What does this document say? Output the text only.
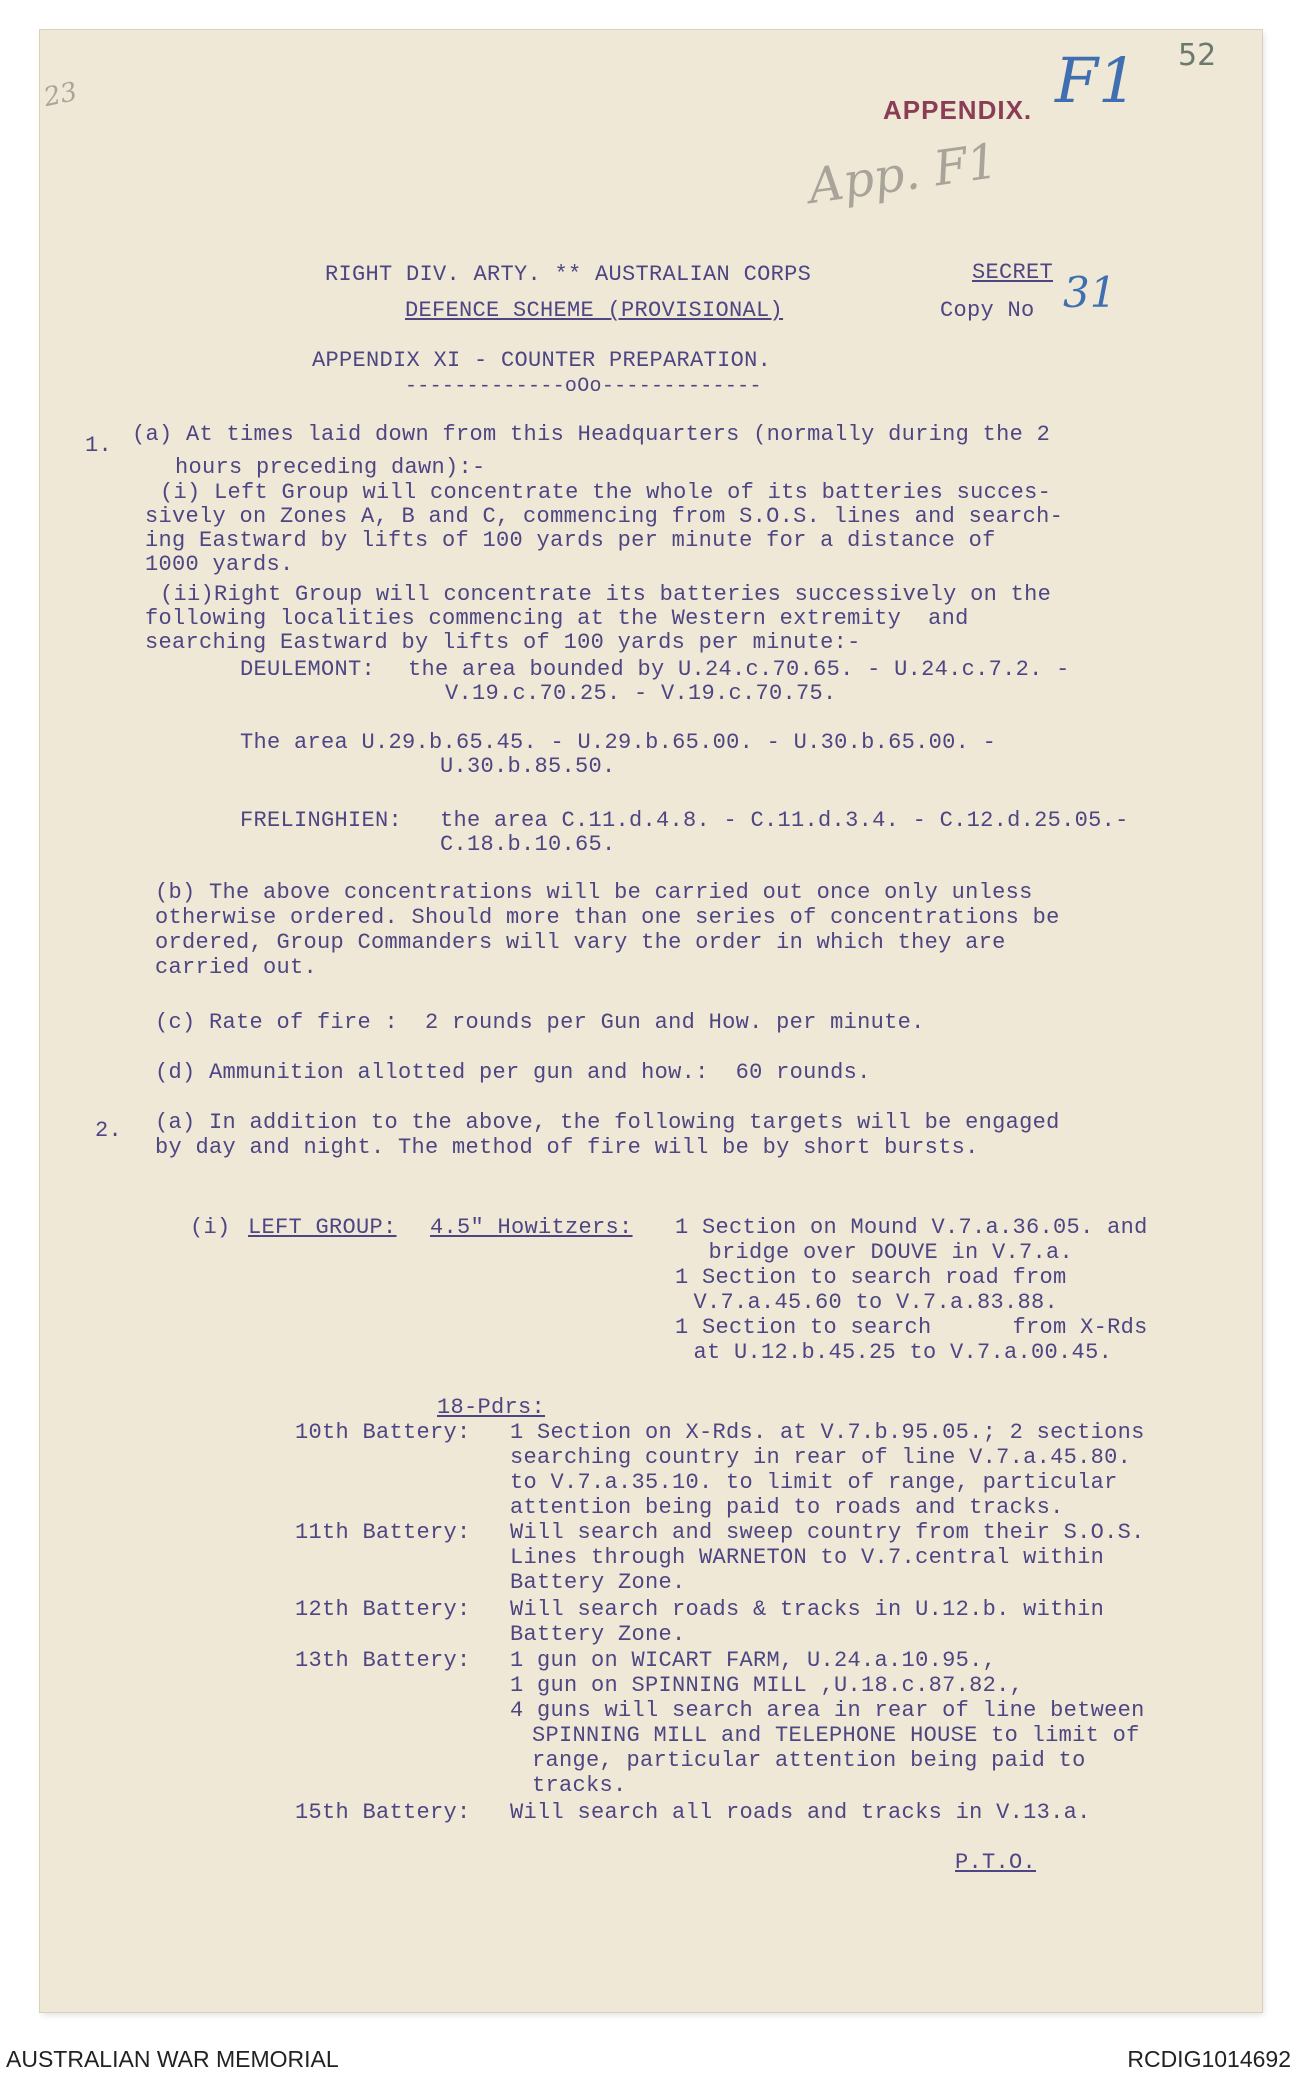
52
APPENDIX. F1
App. F1
23
RIGHT DIV. ARTY. ** AUSTRALIAN CORPS	SECRET
DEFENCE SCHEME (PROVISIONAL)	Copy No 31
APPENDIX XI - COUNTER PREPARATION.
-------------oOo-------------
1. (a) At times laid down from this Headquarters (normally during the 2
hours preceding dawn):-
(i) Left Group will concentrate the whole of its batteries succes-
sively on Zones A, B and C, commencing from S.O.S. lines and search-
ing Eastward by lifts of 100 yards per minute for a distance of
1000 yards.
(ii)Right Group will concentrate its batteries successively on the
following localities commencing at the Western extremity  and
searching Eastward by lifts of 100 yards per minute:-
DEULEMONT: the area bounded by U.24.c.70.65. - U.24.c.7.2. -
V.19.c.70.25. - V.19.c.70.75.
The area U.29.b.65.45. - U.29.b.65.00. - U.30.b.65.00. -
U.30.b.85.50.
FRELINGHIEN: the area C.11.d.4.8. - C.11.d.3.4. - C.12.d.25.05.-
C.18.b.10.65.
(b) The above concentrations will be carried out once only unless
otherwise ordered. Should more than one series of concentrations be
ordered, Group Commanders will vary the order in which they are
carried out.
(c) Rate of fire :  2 rounds per Gun and How. per minute.
(d) Ammunition allotted per gun and how.:  60 rounds.
2. (a) In addition to the above, the following targets will be engaged
by day and night. The method of fire will be by short bursts.
(i) LEFT GROUP: 4.5" Howitzers: 1 Section on Mound V.7.a.36.05. and
bridge over DOUVE in V.7.a.
1 Section to search road from
V.7.a.45.60 to V.7.a.83.88.
1 Section to search      from X-Rds
at U.12.b.45.25 to V.7.a.00.45.
18-Pdrs:
10th Battery: 1 Section on X-Rds. at V.7.b.95.05.; 2 sections
searching country in rear of line V.7.a.45.80.
to V.7.a.35.10. to limit of range, particular
attention being paid to roads and tracks.
11th Battery: Will search and sweep country from their S.O.S.
Lines through WARNETON to V.7.central within
Battery Zone.
12th Battery: Will search roads & tracks in U.12.b. within
Battery Zone.
13th Battery: 1 gun on WICART FARM, U.24.a.10.95.,
1 gun on SPINNING MILL ,U.18.c.87.82.,
4 guns will search area in rear of line between
SPINNING MILL and TELEPHONE HOUSE to limit of
range, particular attention being paid to
tracks.
15th Battery: Will search all roads and tracks in V.13.a.
P.T.O.
AUSTRALIAN WAR MEMORIAL	RCDIG1014692
